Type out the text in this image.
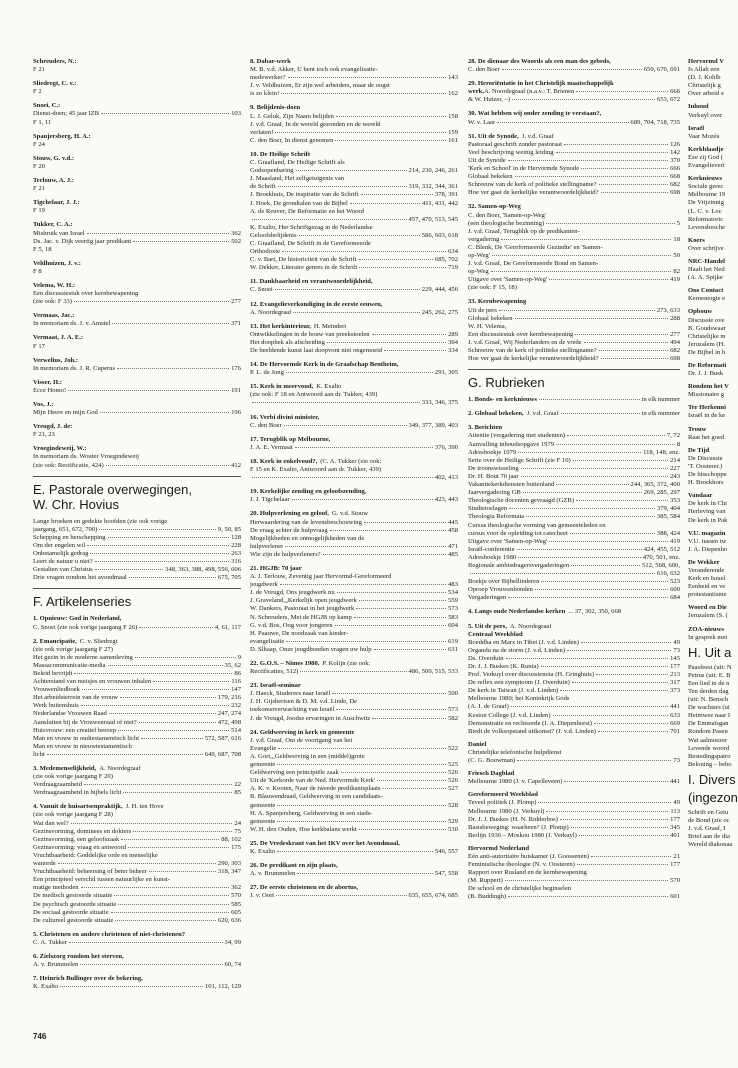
Schreuders, N.:
F 21
Sliedregt, C. v.:
F 2
Snoei, C.:
Dienst-doen; 45 jaar IZB	103
F 1, 11
Spanjersberg, H. A.:
F 24
Stouw, G. v.d.:
F 20
Terlouw, A. J.:
F 21
Tigchelaar, J. J.:
F 19
Tukker, C. A.:
Mishruik van Israel	362
Ds. Jac. v. Dijk veertig jaar predikant	502
F 5, 18
Veldhuizen, J. v.:
F 8
Velema, W. H.:
Een discussiestuk over kernbewapening
(zie ook: F 33)	277
Vermaas, Jac.:
In memoriam ds. J. v. Amstel	371
Vermaat, J. A. E.:
F 17
Verwelius, Joh.:
In memoriam ds. J. R. Cuperus	176
Visser, H.:
Ecce Homo!	191
Vos, J.:
Mijn Heere en mijn God	196
Vreugd, J. de:
F 21, 23
Vroegindeweij, W.:
In memoriam ds. Wouter Vroegindeweij
(zie ook: Rectificatie, 424)	412
E. Pastorale overwegingen,
W. Chr. Hovius
Lange broeken en gedekte hoofden (zie ook vorige
jaargang, 651, 672, 700)	9, 50, 85
Schepping en herschepping	128
Om der engelen wil	228
Onbetamelijk gedrag	263
Leert de natuur u niet?	316
Gestalten van Christus	348, 363, 388, 498, 556, 606
Drie vragen rondom het avondmaal	675, 705
F. Artikelenseries
1. Opnieuw: God in Nederland,
C. Snoei (zie ook vorige jaargang F 26)	4, 61, 117
2. Emancipatie, C. v. Sliedregt
(zie ook vorige jaargang F 27)
Het gezin in de moderne samenleving	9
Massacommunicatie-media	35, 62
Beleid bevrijdt	86
Achterstand van meisjes en vrouwen inhalen	116
Vrouwenliedboek	147
Het arbeidsterrein van de vrouw	179, 216
Werk buitenshuis	232
Nederlandse Vrouwen Raad	247, 274
Aansluiten bij de Vrouwenraad of niet?	472, 498
Huisvrouw: een creatief beroep	514
Man en vrouw in oudtestamentisch licht	572, 587, 616
Man en vrouw in nieuwtestamentisch
licht	649, 687, 708
3. Medemenselijkheid, A. Noordegraaf
(zie ook vorige jaargang F 20)
Verdraagzaamheid	22
Verdraagzaamheid in bijbels licht	85
4. Vanuit de huisartsenpraktijk, J. H. ten Hove
(zie ook vorige jaargang F 28)
Wat dan wel?	24
Gezinsvorming, dominees en dokters	75
Gezinsvorming, een geloofszaak	88, 102
Gezinsvorming: vraag en antwoord	175
Vruchtbaarheid: Goddelijke orde en menselijke
wanorde	290, 303
Vruchtbaarheid: beheersing of beter beheer	318, 347
Een principieel verschil tussen natuurlijke en kunst-
matige methoden	362
De medisch gestoorde situatie	570
De psychisch gestoorde situatie	585
De sociaal gestoorde situatie	605
De cultureel gestoorde situatie	620, 636
5. Christenen en andere christenen of niet-christenen?
C. A. Tukker	34, 99
6. Zielszorg rondom het sterven,
A. v. Brummelen	60, 74
7. Heinrich Bullinger over de bekering,
K. Exalto	101, 112, 129
8. Dabar-werk
M. B. v.d. Akker, U bent toch ook evangelisatie-
medewerker?	143
J. v. Veldhuizen, Er zijn wel arbeiders, maar de oogst
is zo klein!	162
9. Belijdenis-doen
L. J. Geluk, Zijn Naam belijden	158
J. v.d. Graaf, In de wereld gezonden en de wereld
verlaten!	159
C. den Boer, In dienst genomen	161
10. De Heilige Schrift
C. Graafland, De Heilige Schrift als
Godsopenbaring	214, 230, 246, 261
J. Maasland, Het zelfgetuigenis van
de Schrift	319, 332, 344, 361
J. Broekhuis, De inspiratie van de Schrift	378, 391
J. Hoek, De grondtalen van de Bijbel	411, 431, 442
A. de Reuver, De Reformatie en het Woord
457, 470, 513, 545
K. Exalto, Her Schriftgezag in de Nederlandse
Geloofsbelijdenis	586, 603, 618
C. Graafland, De Schrift in de Gereformeerde
Orthodoxie	634
C. v. Bart, De historiciteit van de Schrift	685, 702
W. Dekker, Literaire genres in de Schrift	719
11. Dankbaarheid en verantwoordelijkheid,
C. Snoei	229, 444, 456
12. Evangelieverkondiging in de eerste eeuwen,
A. Noordegraaf	245, 262, 275
13. Het kerkinterieur, H. Meindert
Ontwikkelingen in de bouw van preekstoelen	289
Het doophek als afscheiding	304
De beeldende kunst laat doopvont niet ongemoeid	334
14. De Hervormde Kerk in de Graafschap Bentheim,
P. L. de Jong	291, 305
15. Kerk in meervoud, K. Exalto
(zie ook: F 18 en Antwoord aan dr. Tukker, 439)
333, 346, 375
16. Verbi divini minister,
C. den Boer	349, 377, 389, 403
17. Terugblik op Melbourne,
J. A. E. Vermaat	376, 390
18. Kerk in enkelvoud?, (C. A. Tukker (zie ook:
F 15 en K. Exalto, Antwoord aan dr. Tukker, 439)
402, 413
19. Kerkelijke zending en geloofszending,
J. J. Tigchelaar	423, 443
20. Hulpverlening en geloof, G. v.d. Stouw
Herwaardering van de levensbeschouwing	445
De vraag achter de hulpvraag	458
Mogelijkheden en onmogelijkheden van de
hulpverlener	471
Wie zijn de hulpverleners?	485
21. HGJB: 70 jaar
A. J. Terlouw, Zeventig jaar Hervormd-Gereformeerd
jeugdwerk	483
J. de Vreugd, Ons jeugdwerk nu	534
J. Graveland,„Kerkelijk open jeugdwerk	559
W. Dankers, Pastoraat in het jeugdwerk	573
N. Schreuders, Met de HGJB op kamp	583
G. v.d. Bos, Oog voor jongeren	604
H. Paauwe, De noodzaak van kinder-
evangelisatie	619
D. Slhaap, Onze jeugdbonden vragen uw hulp	631
22. G.O.S. – Nimes 1980, P. Kolijn (zie ook:
Rectificaties, 512)	486, 500, 515, 533
23. Israël-seminar
J. Haeck, Studerers naar Israël	500
J. H. Gijsbertsen & D. M. v.d. Linde, De
toekomstverwachting van Israël	573
J. de Vreugd, Joodse ervaringen in Auschwitz	582
24. Geldwerving in kerk en gemeente
J. v.d. Graaf, Om de voortgang van het
Evangelie	522
A. Gort,„Geldwerving in een (middel)grote
gemeente	525
Geldwerving een principiële zaak	526
Uit de 'Kerkorde van de Ned. Hervormde Kerk'	526
A. K. v. Kooten, Naar de tweede predikantsplaats	527
B. Blauwendraad, Geldwerving in een candidaats-
gemeente	528
H. A. Spanjersberg, Geldwerving in een stads-
gemeente	529
W. H. den Ouden, Hoe kerkbalans werkt	530
25. De Vredeskrant van het IKV over het Avondmaal,
K. Exalto	546, 557
26. De predikant en zijn plaats,
A. v. Brummelen	547, 558
27. De eerste christenen en de abortus,
J. v. Oort	635, 655, 674, 685
28. De dienaar des Woords als een man des gebeds,
C. den Boer	650, 670, 691
29. Heroriëntatie in het Christelijk maatschappelijk
werk, A. Noordegraaf (n.a.v.: T. Brienen	666
& W. Huizer, –)	653, 672
30. Wat hebben wij onder zending te verstaan?,
W. v. Laar	689, 704, 718, 735
31. Uit de Synode, J. v.d. Graaf
Pastoraal geschrift zonder pastoraat	126
Veel beschrijving weinig leiding	142
Uit de Synode	370
'Kerk en School' in de Hervormde Synode	666
Globaal bekeken	668
Schreeuw van de kerk of politieke stellingname?	682
Hoe ver gaat de kerkelijke verantwoordelijkheid?	698
32. Samen-op-Weg
C. den Boer, 'Samen-op-Weg'
(een theologische bezinning)	5
J. v.d. Graaf, Terugblik op de predikanten-
vergadering	18
C. Blenk, De 'Gereformeerde Gezindte' en 'Samen-
op-Weg'	50
J. v.d. Graaf, De Gereformeerde Bond en Samen-
op-Weg	82
Uitgave over 'Samen-op-Weg'	419
(zie ook: F 15, 18)
33. Kernbewapening
Uit de pers	273, 633
Globaal bekeken	288
W. H. Velema,
Een discussiestuk over kernbewapening	277
J. v.d. Graaf, Wij Nederlanders en de vrede	494
Schreeuw van de kerk of politieke stellingname?	682
Hoe ver gaat de kerkelijke verantwoordelijkheid?	698
G. Rubrieken
1. Bonds- en kerknieuws	in elk nummer
2. Globaal bekeken, J. v.d. Graaf	in elk nummer
3. Berichten
Attentie (vergadering met studenten)	7, 72
Aanvulling inhoudsopgave 1979	8
Adresboekje 1979	118, 148, enz.
Serie over de Heilige Schrift (zie F 10)	214
De troonswisseling	227
Dr. H. Bout 70 jaar	243
Vakantiekerkdiensten buitenland	244, 365, 372, 400
Jaarvergadering GB	269, 285, 297
Theologische docenten gevraagd (GZB)	353
Studietoelagen	379, 404
Theologia Reformata	385, 584
Cursus theologische vorming van gemeenteleden en
cursus voor de opleiding tot catecheet	388, 424
Uitgave over 'Samen-op-Weg'	419
Israël-conferentie	424, 455, 512
Adresboekje 1980	470, 501, enz.
Regionale ambtsdragersvergaderingen	512, 568, 600,
616, 632
Boekje over Bijbellinderen	523
Oproep Vrouwenbonden	600
Vergaderingen	684
4. Langs oude Nederlandse kerken ... 37, 302, 350, 668
5. Uit de pers, A. Noordegraaf
Centraal Weekblad
Boeddha en Marx in Tibet (J. v.d. Linden)	49
Organdu na de storm (J. v.d. Linden)	73
Ds. Overduin	145
Dr. J. J. Buskes (K. Runia)	177
Prof. Verkuyl over discussienota (H. Gringhuis)	213
De reflex een symptoom (J. Overduin)	317
De kerk in Taiwan (J. v.d. Linden)	373
Melbourne 1980; het Koninkrijk Gods
(A. I. de Graaf)	441
Keston College (J. v.d. Linden)	633
Demonstratie en rechtsorde (I. A. Diepenhorst)	669
Biedt de volksopstand uitkomst? (J. v.d. Linden)	701
Daniel
Christelijke telefonische hulpdienst
(C. G. Bouwman)	73
Friesch Dagblad
Melbourne 1980 (J. v. Capelleveen)	441
Gereformeerd Weekblad
Teveel politiek (J. Plomp)	49
Melbourne 1980 (J. Verkuyl)	113
Dr. J. J. Buskes (H. N. Ridderbos)	177
Basisbeweging: waarheen? (J. Plomp)	345
Berlijn 1936 – Moskou 1980 (J. Verkuyl)	401
Hervormd Nederland
Eén anti-autoritaire huiskamer (J. Goossenen)	21
Feministische theologie (N. v. Oosteren)	177
Rapport over Rusland en de kernbewapening
(M. Ruppert)	570
De school en de christelijke beginselen
(B. Buddingh)	601
Hervormd V
Is Allah een
(D. J. Kohlb
Christelijk g
Over arbeid e
Inhoud
Verkuyl over
Israël
Vaar Mozés
Kerkblaadje
Eze zij God (
Evangelieverí
Kerknieuws
Sociale gerec
Melbourne 19
De Vrijzinnig
(L. C. v. Loc
Reformatoric
Levensbesche
Koers
Over schrijve
NRC-Handel
Haalt het Ned
(A. A. Spijke
Ons Contact
Kernenergie e
Opbouw
Discussie ove
B. Goudswaar
Christelijke m
Jeruzalem (H.
De Bijbel in h
De Reformati
Dr. J. J. Busk
Rondom het V
Missionaire g
Ter Herkenni
Israël in de ke
Trouw
Raat het goed
De Tijd
De Discussie
'T. Oosterer.)
De bisschoppe
H. Broekhors
Vandaar
De kerk in Chi
Herleving van
De kerk in Pak
V.U. magazin
V.U. tussen tw
J. A. Diepenho
De Wekker
Veranderende
Kerk en Israel
Eenheid en ve
protestantisme
Woord en Die
Jeruzalem (S. (
ZOA-nieuws
In gesprek met
H. Uit a
Paasfeest (uit: N
Petrus (uit: E. B
Een lied in de n
Ten derden dag
(uit: N. Bensch
De wachters (ui
Heimwee naar I
De Emmaïsgan
Rondom Pasen
Wat aalmoezer
Levende woord
Bestedingspatro
Beloning – beho
I. Divers
(ingezon
Schrift en Getu
de Bond (zie oc
J. v.d. Graaf, I
Brief aan de dia
Wereld diakonaa
746
